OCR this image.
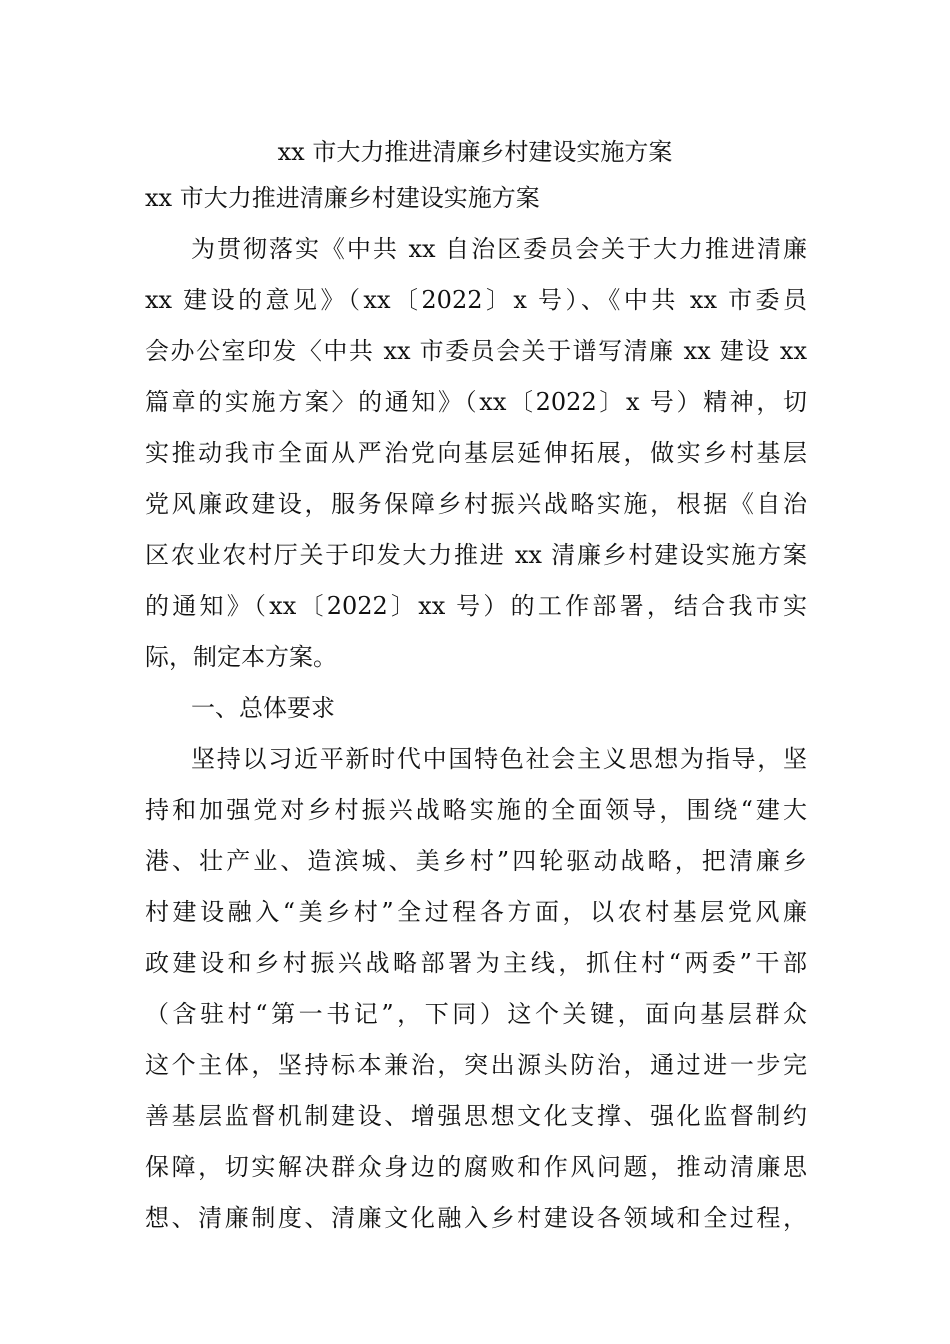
xx 市大力推进清廉乡村建设实施方案
xx 市大力推进清廉乡村建设实施方案
为贯彻落实《中共 xx 自治区委员会关于大力推进清廉
xx 建设的意见》（xx〔2022〕x 号）、《中共 xx 市委员
会办公室印发〈中共 xx 市委员会关于谱写清廉 xx 建设 xx
篇章的实施方案〉的通知》（xx〔2022〕x 号）精神，切
实推动我市全面从严治党向基层延伸拓展，做实乡村基层
党风廉政建设，服务保障乡村振兴战略实施，根据《自治
区农业农村厅关于印发大力推进 xx 清廉乡村建设实施方案
的通知》（xx〔2022〕xx 号）的工作部署，结合我市实
际，制定本方案。
一、总体要求
坚持以习近平新时代中国特色社会主义思想为指导，坚
持和加强党对乡村振兴战略实施的全面领导，围绕“建大
港、壮产业、造滨城、美乡村”四轮驱动战略，把清廉乡
村建设融入“美乡村”全过程各方面，以农村基层党风廉
政建设和乡村振兴战略部署为主线，抓住村“两委”干部
（含驻村“第一书记”，下同）这个关键，面向基层群众
这个主体，坚持标本兼治，突出源头防治，通过进一步完
善基层监督机制建设、增强思想文化支撑、强化监督制约
保障，切实解决群众身边的腐败和作风问题，推动清廉思
想、清廉制度、清廉文化融入乡村建设各领域和全过程，
